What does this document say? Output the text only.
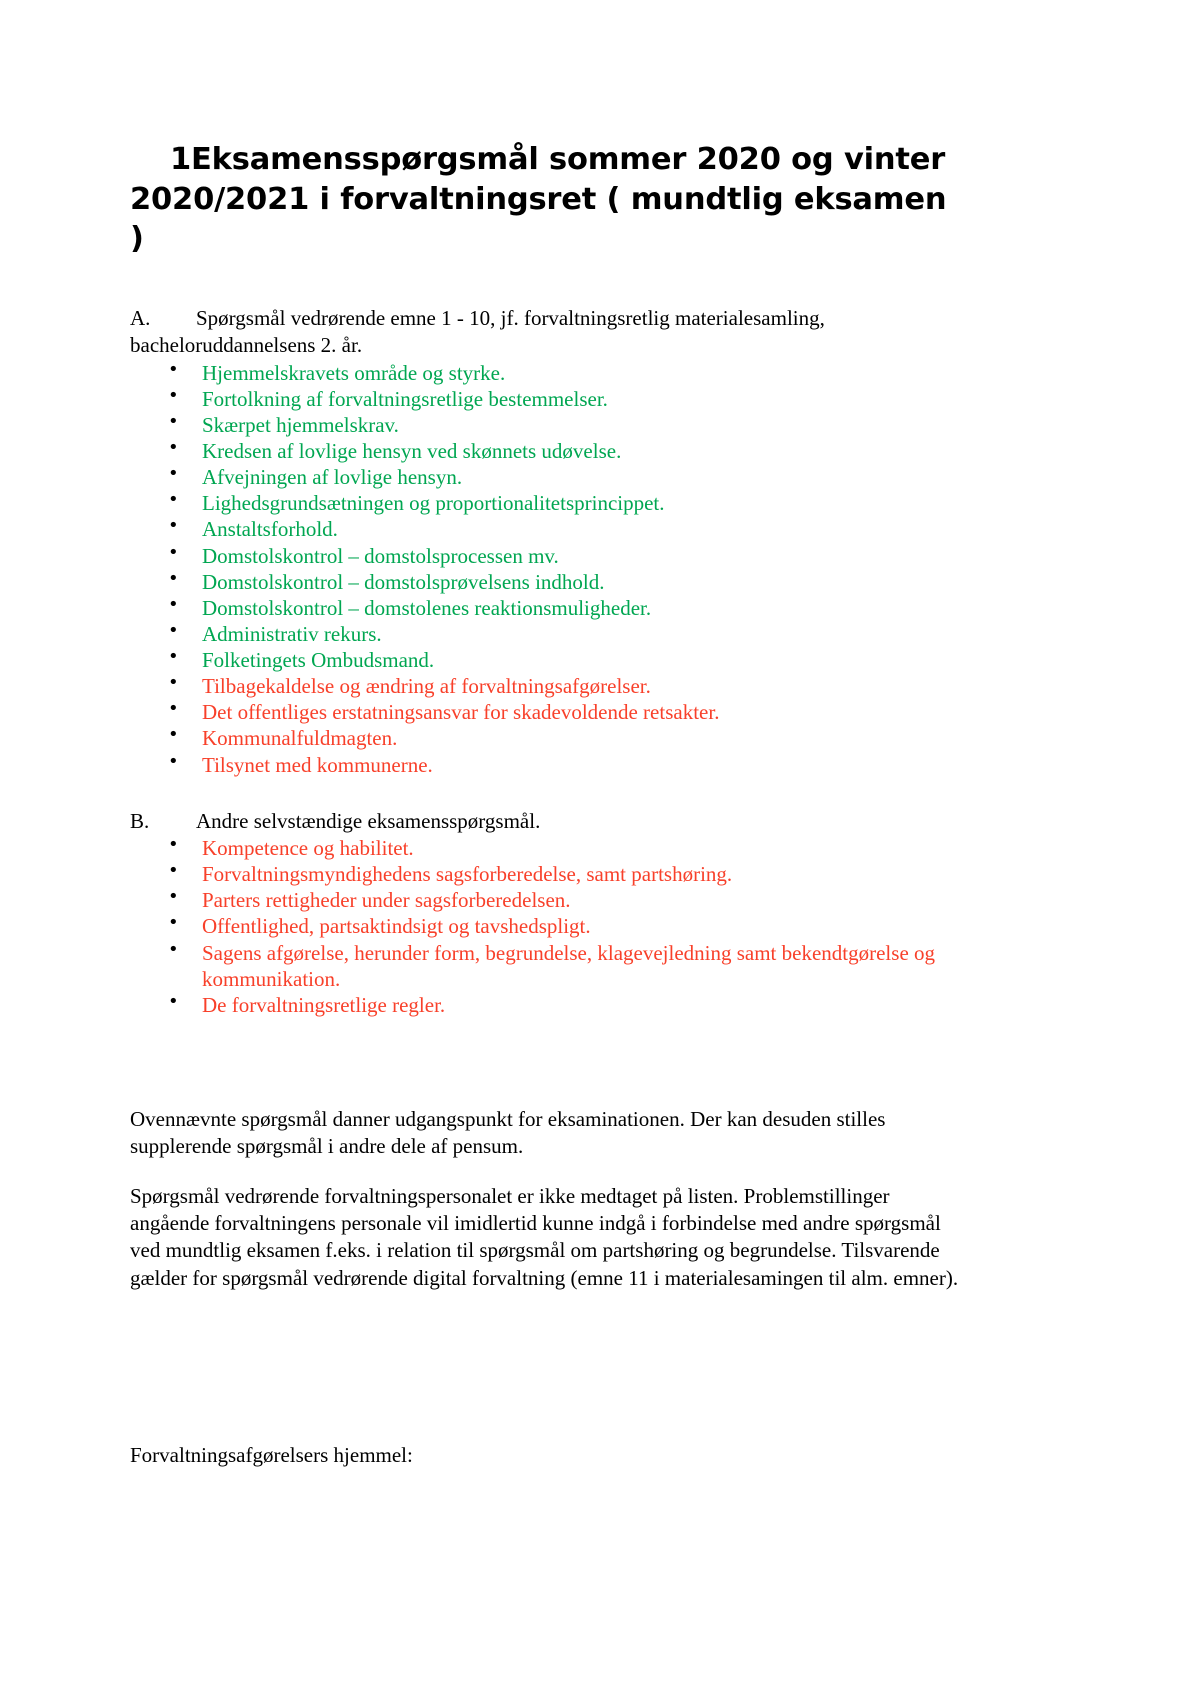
1Eksamensspørgsmål sommer 2020 og vinter
2020/2021 i forvaltningsret ( mundtlig eksamen )

A. Spørgsmål vedrørende emne 1 - 10, jf. forvaltningsretlig materialesamling, bacheloruddannelsens 2. år.

• Hjemmelskravets område og styrke.
• Fortolkning af forvaltningsretlige bestemmelser.
• Skærpet hjemmelskrav.
• Kredsen af lovlige hensyn ved skønnets udøvelse.
• Afvejningen af lovlige hensyn.
• Lighedsgrundsætningen og proportionalitetsprincippet.
• Anstaltsforhold.
• Domstolskontrol – domstolsprocessen mv.
• Domstolskontrol – domstolsprøvelsens indhold.
• Domstolskontrol – domstolenes reaktionsmuligheder.
• Administrativ rekurs.
• Folketingets Ombudsmand.
• Tilbagekaldelse og ændring af forvaltningsafgørelser.
• Det offentliges erstatningsansvar for skadevoldende retsakter.
• Kommunalfuldmagten.
• Tilsynet med kommunerne.

B. Andre selvstændige eksamensspørgsmål.

• Kompetence og habilitet.
• Forvaltningsmyndighedens sagsforberedelse, samt partshøring.
• Parters rettigheder under sagsforberedelsen.
• Offentlighed, partsaktindsigt og tavshedspligt.
• Sagens afgørelse, herunder form, begrundelse, klagevejledning samt bekendtgørelse og kommunikation.
• De forvaltningsretlige regler.

Ovennævnte spørgsmål danner udgangspunkt for eksaminationen. Der kan desuden stilles supplerende spørgsmål i andre dele af pensum.

Spørgsmål vedrørende forvaltningspersonalet er ikke medtaget på listen. Problemstillinger angående forvaltningens personale vil imidlertid kunne indgå i forbindelse med andre spørgsmål ved mundtlig eksamen f.eks. i relation til spørgsmål om partshøring og begrundelse. Tilsvarende gælder for spørgsmål vedrørende digital forvaltning (emne 11 i materialesamingen til alm. emner).

Forvaltningsafgørelsers hjemmel:
